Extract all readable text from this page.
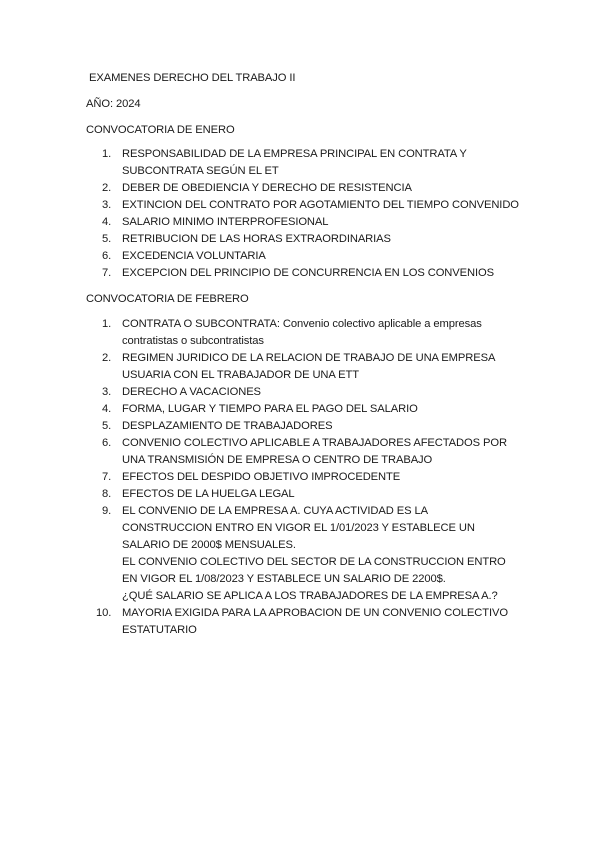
EXAMENES DERECHO DEL TRABAJO II

AÑO: 2024

CONVOCATORIA DE ENERO

1. RESPONSABILIDAD DE LA EMPRESA PRINCIPAL EN CONTRATA Y
SUBCONTRATA SEGÚN EL ET
2. DEBER DE OBEDIENCIA Y DERECHO DE RESISTENCIA
3. EXTINCION DEL CONTRATO POR AGOTAMIENTO DEL TIEMPO CONVENIDO
4. SALARIO MINIMO INTERPROFESIONAL
5. RETRIBUCION DE LAS HORAS EXTRAORDINARIAS
6. EXCEDENCIA VOLUNTARIA
7. EXCEPCION DEL PRINCIPIO DE CONCURRENCIA EN LOS CONVENIOS

CONVOCATORIA DE FEBRERO

1. CONTRATA O SUBCONTRATA: Convenio colectivo aplicable a empresas
contratistas o subcontratistas
2. REGIMEN JURIDICO DE LA RELACION DE TRABAJO DE UNA EMPRESA
USUARIA CON EL TRABAJADOR DE UNA ETT
3. DERECHO A VACACIONES
4. FORMA, LUGAR Y TIEMPO PARA EL PAGO DEL SALARIO
5. DESPLAZAMIENTO DE TRABAJADORES
6. CONVENIO COLECTIVO APLICABLE A TRABAJADORES AFECTADOS POR
UNA TRANSMISIÓN DE EMPRESA O CENTRO DE TRABAJO
7. EFECTOS DEL DESPIDO OBJETIVO IMPROCEDENTE
8. EFECTOS DE LA HUELGA LEGAL
9. EL CONVENIO DE LA EMPRESA A. CUYA ACTIVIDAD ES LA
CONSTRUCCION ENTRO EN VIGOR EL 1/01/2023 Y ESTABLECE UN
SALARIO DE 2000$ MENSUALES.
EL CONVENIO COLECTIVO DEL SECTOR DE LA CONSTRUCCION ENTRO
EN VIGOR EL 1/08/2023 Y ESTABLECE UN SALARIO DE 2200$.
¿QUÉ SALARIO SE APLICA A LOS TRABAJADORES DE LA EMPRESA A.?
10. MAYORIA EXIGIDA PARA LA APROBACION DE UN CONVENIO COLECTIVO
ESTATUTARIO
